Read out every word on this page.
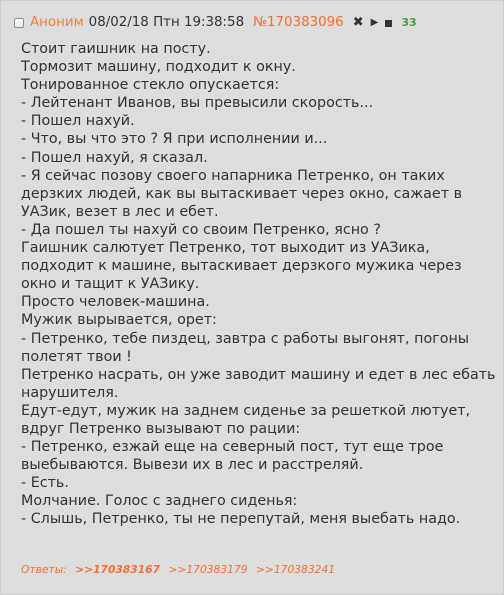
Аноним 08/02/18 Птн 19:38:58 №170383096 ✖ ▶ 33
Стоит гаишник на посту.
Тормозит машину, подходит к окну.
Тонированное стекло опускается:
- Лейтенант Иванов, вы превысили скорость...
- Пошел нахуй.
- Что, вы что это ? Я при исполнении и...
- Пошел нахуй, я сказал.
- Я сейчас позову своего напарника Петренко, он таких
дерзких людей, как вы вытаскивает через окно, сажает в
УАЗик, везет в лес и ебет.
- Да пошел ты нахуй со своим Петренко, ясно ?
Гаишник салютует Петренко, тот выходит из УАЗика,
подходит к машине, вытаскивает дерзкого мужика через
окно и тащит к УАЗику.
Просто человек-машина.
Мужик вырывается, орет:
- Петренко, тебе пиздец, завтра с работы выгонят, погоны
полетят твои !
Петренко насрать, он уже заводит машину и едет в лес ебать
нарушителя.
Едут-едут, мужик на заднем сиденье за решеткой лютует,
вдруг Петренко вызывают по рации:
- Петренко, езжай еще на северный пост, тут еще трое
выебываются. Вывези их в лес и расстреляй.
- Есть.
Молчание. Голос с заднего сиденья:
- Слышь, Петренко, ты не перепутай, меня выебать надо.
Ответы: >>170383167 >>170383179 >>170383241
